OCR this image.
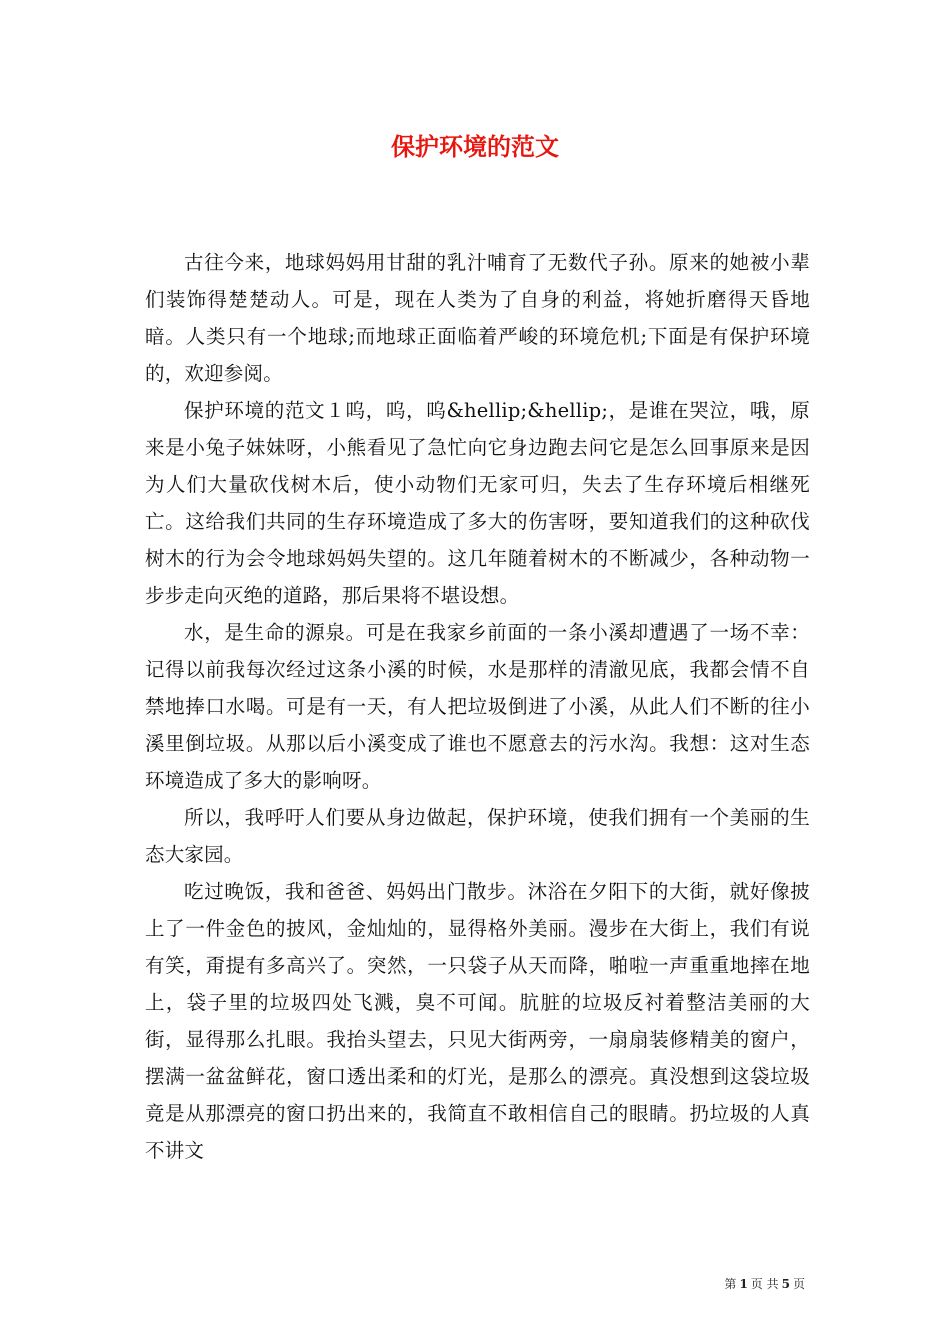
保护环境的范文

古往今来，地球妈妈用甘甜的乳汁哺育了无数代子孙。原来的她被小辈们装饰得楚楚动人。可是，现在人类为了自身的利益，将她折磨得天昏地暗。人类只有一个地球;而地球正面临着严峻的环境危机;下面是有保护环境的，欢迎参阅。

保护环境的范文１呜，呜，呜&hellip;&hellip;，是谁在哭泣，哦，原来是小兔子妹妹呀，小熊看见了急忙向它身边跑去问它是怎么回事原来是因为人们大量砍伐树木后，使小动物们无家可归，失去了生存环境后相继死亡。这给我们共同的生存环境造成了多大的伤害呀，要知道我们的这种砍伐树木的行为会令地球妈妈失望的。这几年随着树木的不断减少，各种动物一步步走向灭绝的道路，那后果将不堪设想。

水，是生命的源泉。可是在我家乡前面的一条小溪却遭遇了一场不幸：记得以前我每次经过这条小溪的时候，水是那样的清澈见底，我都会情不自禁地捧口水喝。可是有一天，有人把垃圾倒进了小溪，从此人们不断的往小溪里倒垃圾。从那以后小溪变成了谁也不愿意去的污水沟。我想：这对生态环境造成了多大的影响呀。

所以，我呼吁人们要从身边做起，保护环境，使我们拥有一个美丽的生态大家园。

吃过晚饭，我和爸爸、妈妈出门散步。沐浴在夕阳下的大街，就好像披上了一件金色的披风，金灿灿的，显得格外美丽。漫步在大街上，我们有说有笑，甭提有多高兴了。突然，一只袋子从天而降，啪啦一声重重地摔在地上，袋子里的垃圾四处飞溅，臭不可闻。肮脏的垃圾反衬着整洁美丽的大街，显得那么扎眼。我抬头望去，只见大街两旁，一扇扇装修精美的窗户，摆满一盆盆鲜花，窗口透出柔和的灯光，是那么的漂亮。真没想到这袋垃圾竟是从那漂亮的窗口扔出来的，我简直不敢相信自己的眼睛。扔垃圾的人真不讲文

第 1 页 共 5 页
